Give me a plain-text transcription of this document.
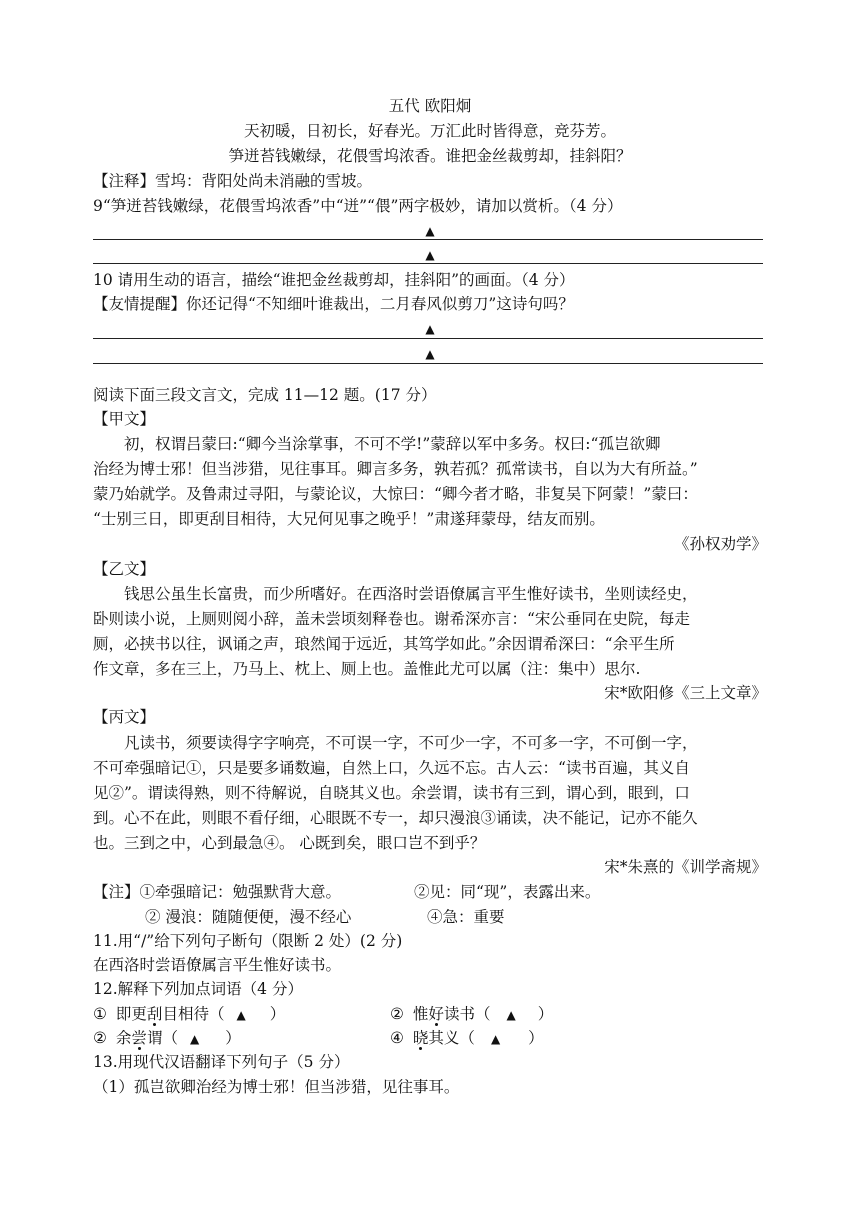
五代 欧阳炯
天初暖，日初长，好春光。万汇此时皆得意，竞芬芳。
笋迸苔钱嫩绿，花偎雪坞浓香。谁把金丝裁剪却，挂斜阳？
【注释】雪坞：背阳处尚未消融的雪坡。
9“笋迸苔钱嫩绿，花偎雪坞浓香”中“迸”“偎”两字极妙，请加以赏析。（4 分）
▲
▲
10 请用生动的语言，描绘“谁把金丝裁剪却，挂斜阳”的画面。（4 分）
【友情提醒】你还记得“不知细叶谁裁出，二月春风似剪刀”这诗句吗？
▲
▲
阅读下面三段文言文，完成 11—12 题。(17 分）
【甲文】
初，权谓吕蒙曰:“卿今当涂掌事，不可不学!”蒙辞以军中多务。权曰:“孤岂欲卿
治经为博士邪！但当涉猎，见往事耳。卿言多务，孰若孤？孤常读书，自以为大有所益。”
蒙乃始就学。及鲁肃过寻阳，与蒙论议，大惊曰：“卿今者才略，非复吴下阿蒙！”蒙曰：
“士别三日，即更刮目相待，大兄何见事之晚乎！”肃遂拜蒙母，结友而别。
《孙权劝学》
【乙文】
钱思公虽生长富贵，而少所嗜好。在西洛时尝语僚属言平生惟好读书，坐则读经史，
卧则读小说，上厕则阅小辞，盖未尝顷刻释卷也。谢希深亦言：“宋公垂同在史院，每走
厕，必挟书以往，讽诵之声，琅然闻于远近，其笃学如此。”余因谓希深曰：“余平生所
作文章，多在三上，乃马上、枕上、厕上也。盖惟此尤可以属（注：集中）思尔.
宋*欧阳修《三上文章》
【丙文】
凡读书，须要读得字字响亮，不可误一字，不可少一字，不可多一字，不可倒一字，
不可牵强暗记①，只是要多诵数遍，自然上口，久远不忘。古人云：“读书百遍，其义自
见②”。谓读得熟，则不待解说，自晓其义也。余尝谓，读书有三到，谓心到，眼到，口
到。心不在此，则眼不看仔细，心眼既不专一，却只漫浪③诵读，决不能记，记亦不能久
也。三到之中，心到最急④。 心既到矣，眼口岂不到乎？
宋*朱熹的《训学斋规》
【注】①牵强暗记：勉强默背大意。	②见：同“现”，表露出来。
② 漫浪：随随便便，漫不经心	④急：重要
11.用“/”给下列句子断句（限断 2 处）(2 分)
在西洛时尝语僚属言平生惟好读书。
12.解释下列加点词语（4 分）
① 即更刮目相待（ ▲ ）	② 惟好读书（ ▲ ）
② 余尝谓（ ▲ ）	④ 晓其义（ ▲ ）
13.用现代汉语翻译下列句子（5 分）
（1）孤岂欲卿治经为博士邪！但当涉猎，见往事耳。
